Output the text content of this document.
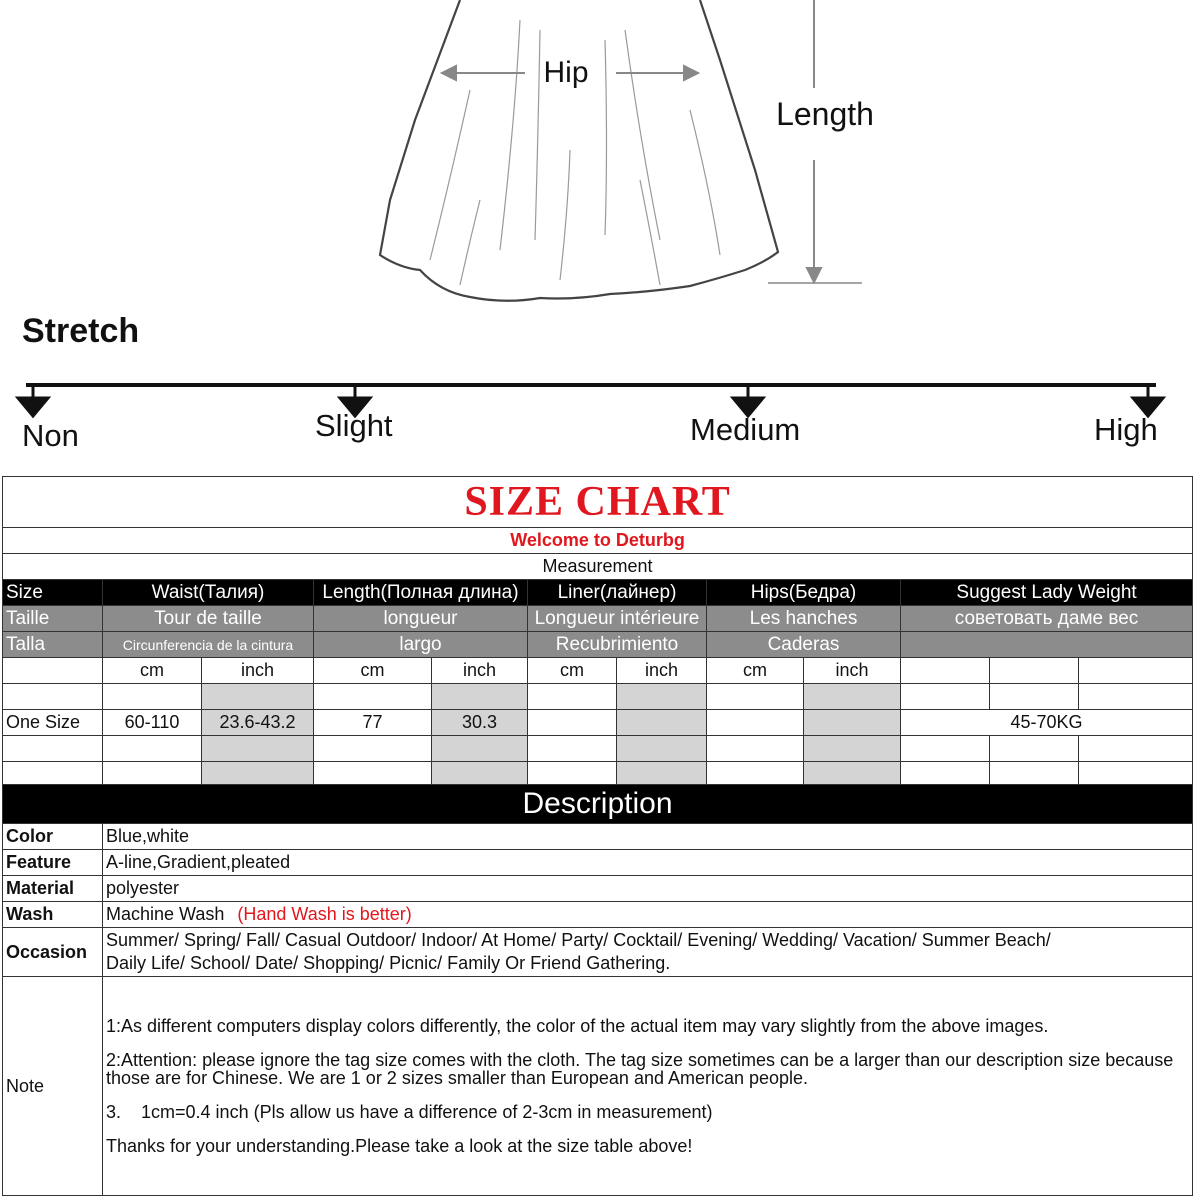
Hip
Length
Stretch
Non	Slight	Medium	High
SIZE CHART											
Welcome to Deturbg											
Measurement											
Size	Waist(Талия)		Length(Полная длина)		Liner(лайнер)		Hips(Бедра)		Suggest Lady Weight		
Taille	Tour de taille		longueur		Longueur intérieure		Les hanches		советовать даме вес		
Talla	Circunferencia de la cintura		largo		Recubrimiento		Caderas				
	cm	inch	cm	inch	cm	inch	cm	inch			

One Size	60-110	23.6-43.2	77	30.3					45-70KG		

Description	
Color	Blue,white
Feature	A-line,Gradient,pleated
Material	polyester
Wash	Machine Wash (Hand Wash is better)
Occasion	Summer/ Spring/ Fall/ Casual Outdoor/ Indoor/ At Home/ Party/ Cocktail/ Evening/ Wedding/ Vacation/ Summer Beach/
Daily Life/ School/ Date/ Shopping/ Picnic/ Family Or Friend Gathering.

Note	1:As different computers display colors differently, the color of the actual item may vary slightly from the above images.

2:Attention: please ignore the tag size comes with the cloth. The tag size sometimes can be a larger than our description size because those are for Chinese. We are 1 or 2 sizes smaller than European and American people.

3.    1cm=0.4 inch (Pls allow us have a difference of 2-3cm in measurement)

Thanks for your understanding.Please take a look at the size table above!
